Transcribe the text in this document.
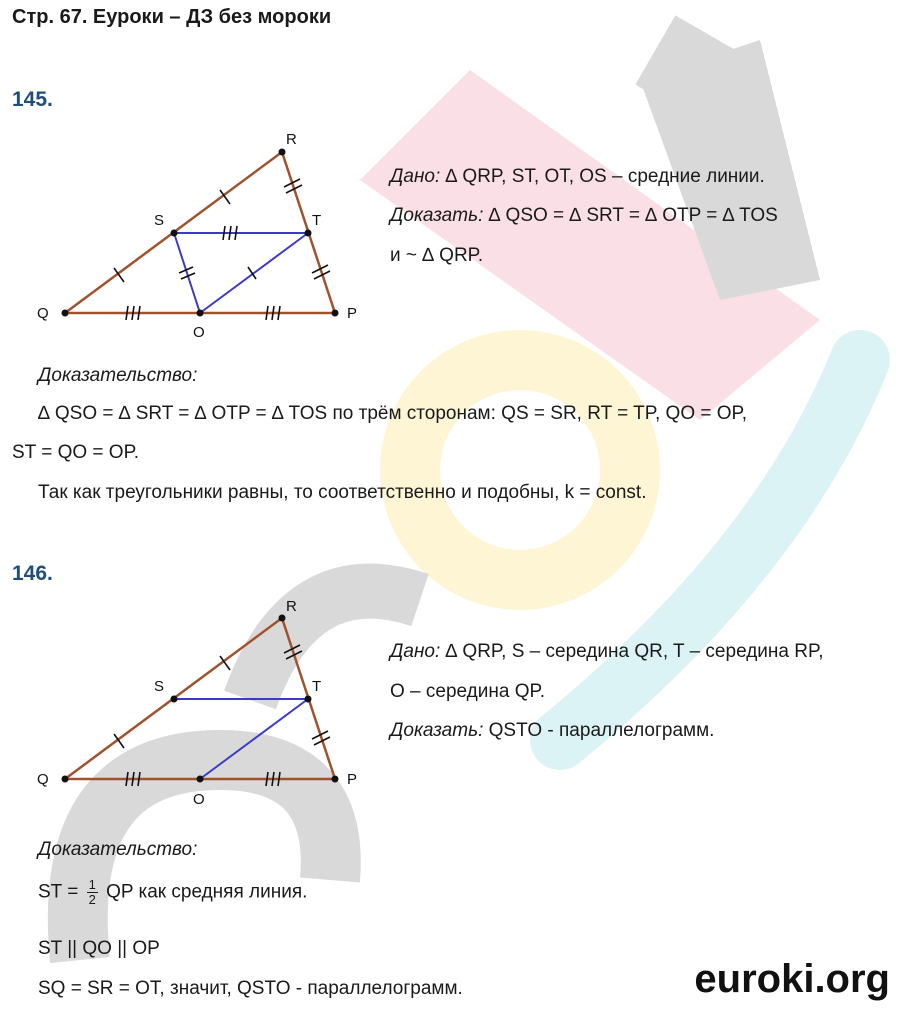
Стр. 67. Еуроки – ДЗ без мороки
145.
R
S	T
Q
O
P
Дано: ∆ QRP, ST, OT, OS – средние линии.
Доказать: ∆ QSO = ∆ SRT = ∆ OTP = ∆ TOS
и ~ ∆ QRP.
Доказательство:
∆ QSO = ∆ SRT = ∆ OTP = ∆ TOS по трём сторонам: QS = SR, RT = TP, QO = OP,
ST = QO = OP.
Так как треугольники равны, то соответственно и подобны, k = const.
146.
R
S	T
Q
O
P
Дано: ∆ QRP, S – середина QR, T – середина RP,
O – середина QP.
Доказать: QSTO - параллелограмм.
Доказательство:
ST = $\frac{1}{2}$ QP как средняя линия.
ST || QO || OP
SQ = SR = OT, значит, QSTO - параллелограмм.	euroki.org
